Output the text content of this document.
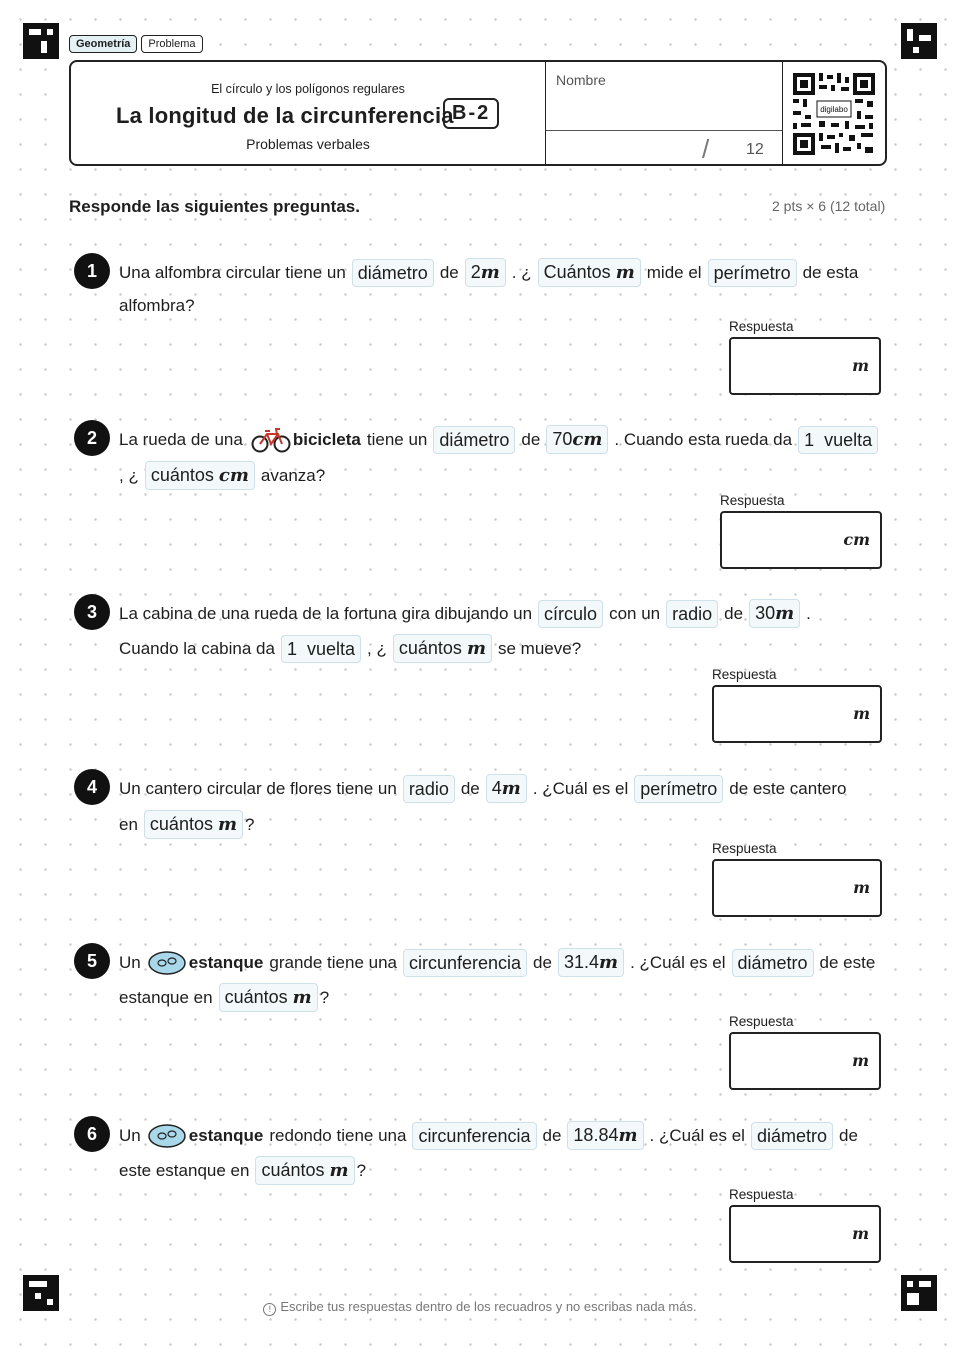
Geometría	Problema
El círculo y los polígonos regulares
La longitud de la circunferencia
B-2
Problemas verbales
Nombre
/ 12
digilabo
Responde las siguientes preguntas.	2 pts × 6 (12 total)
1	Una alfombra circular tiene un diámetro de 2m . ¿ Cuántos m mide el perímetro de esta
alfombra?
Respuesta
m
2	La rueda de una	bicicleta tiene un diámetro de 70cm . Cuando esta rueda da 1 vuelta
, ¿ cuántos cm avanza?
Respuesta
cm
3	La cabina de una rueda de la fortuna gira dibujando un círculo con un radio de 30m .
Cuando la cabina da 1 vuelta , ¿ cuántos m se mueve?
Respuesta
m
4	Un cantero circular de flores tiene un radio de 4m . ¿Cuál es el perímetro de este cantero
en cuántos m ?
Respuesta
m
5	Un	estanque grande tiene una circunferencia de 31.4m . ¿Cuál es el diámetro de este
estanque en cuántos m ?
Respuesta
m
6	Un	estanque redondo tiene una circunferencia de 18.84m . ¿Cuál es el diámetro de
este estanque en cuántos m ?
Respuesta
m
! Escribe tus respuestas dentro de los recuadros y no escribas nada más.
